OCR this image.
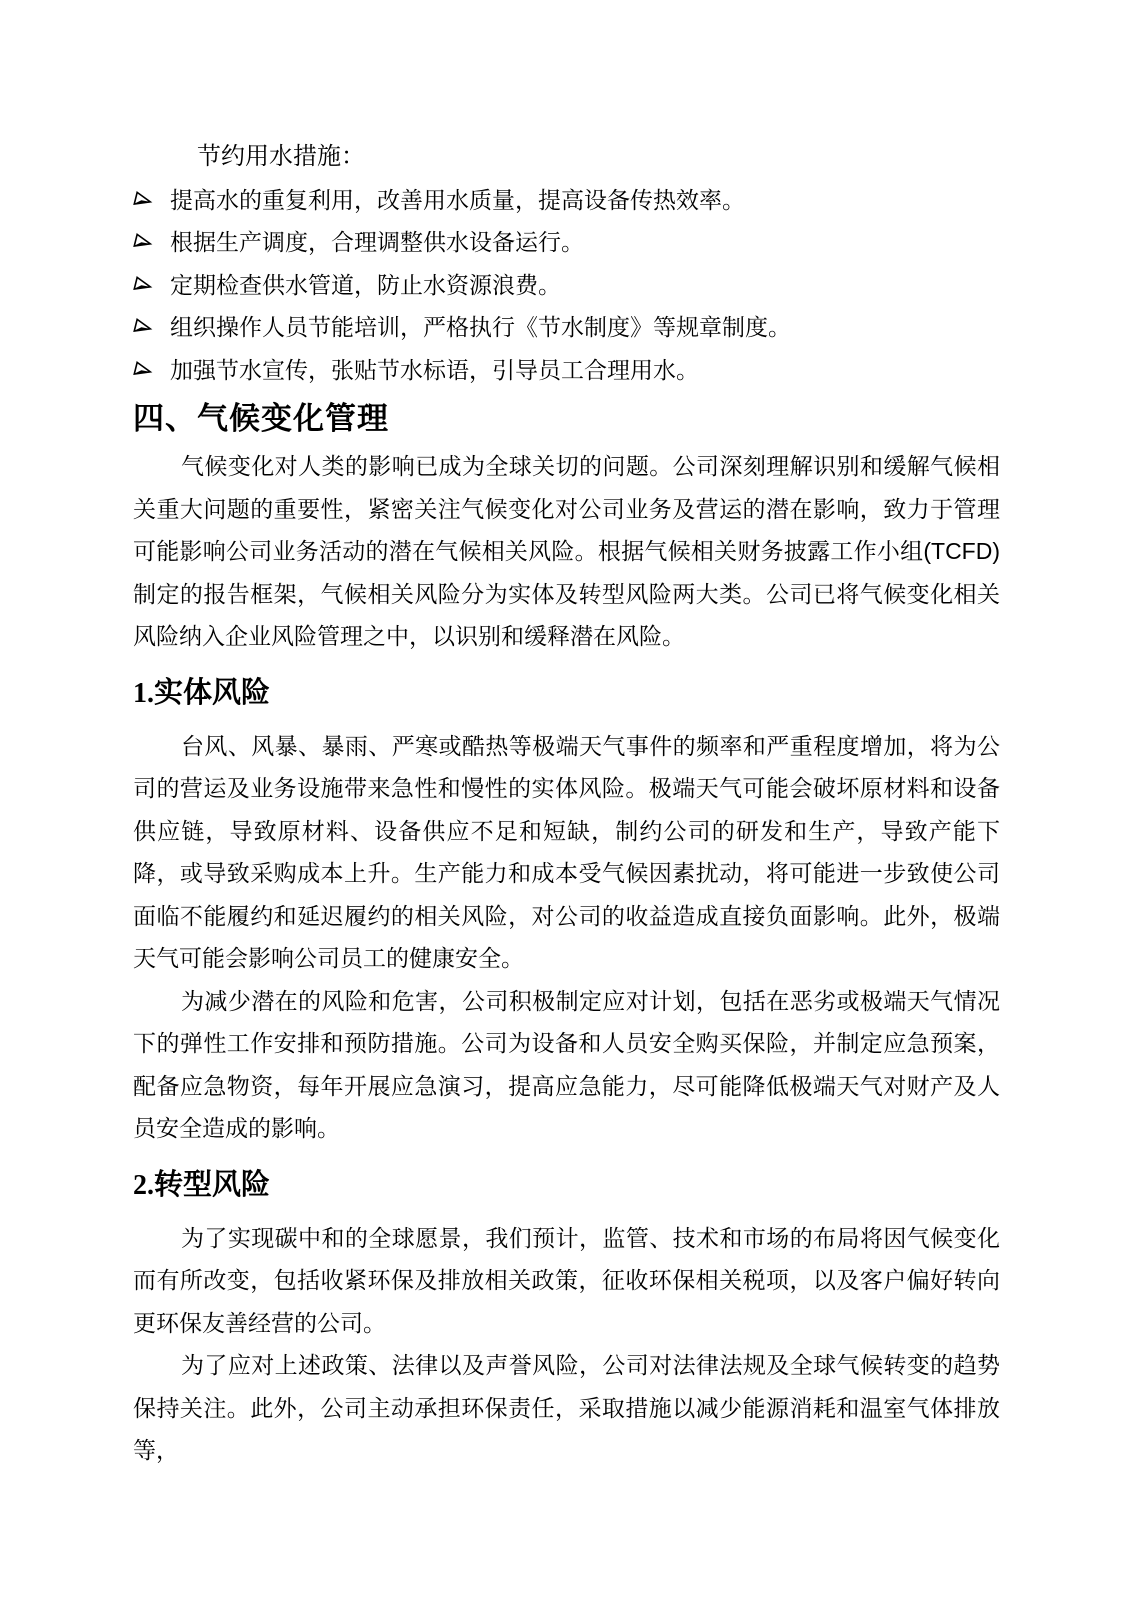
节约用水措施：

提高水的重复利用，改善用水质量，提高设备传热效率。
根据生产调度，合理调整供水设备运行。
定期检查供水管道，防止水资源浪费。
组织操作人员节能培训，严格执行《节水制度》等规章制度。
加强节水宣传，张贴节水标语，引导员工合理用水。
四、气候变化管理

气候变化对人类的影响已成为全球关切的问题。公司深刻理解识别和缓解气候相关重大问题的重要性，紧密关注气候变化对公司业务及营运的潜在影响，致力于管理可能影响公司业务活动的潜在气候相关风险。根据气候相关财务披露工作小组(TCFD)制定的报告框架，气候相关风险分为实体及转型风险两大类。公司已将气候变化相关风险纳入企业风险管理之中，以识别和缓释潜在风险。

1.实体风险

台风、风暴、暴雨、严寒或酷热等极端天气事件的频率和严重程度增加，将为公司的营运及业务设施带来急性和慢性的实体风险。极端天气可能会破坏原材料和设备供应链，导致原材料、设备供应不足和短缺，制约公司的研发和生产，导致产能下降，或导致采购成本上升。生产能力和成本受气候因素扰动，将可能进一步致使公司面临不能履约和延迟履约的相关风险，对公司的收益造成直接负面影响。此外，极端天气可能会影响公司员工的健康安全。

为减少潜在的风险和危害，公司积极制定应对计划，包括在恶劣或极端天气情况下的弹性工作安排和预防措施。公司为设备和人员安全购买保险，并制定应急预案，配备应急物资，每年开展应急演习，提高应急能力，尽可能降低极端天气对财产及人员安全造成的影响。

2.转型风险

为了实现碳中和的全球愿景，我们预计，监管、技术和市场的布局将因气候变化而有所改变，包括收紧环保及排放相关政策，征收环保相关税项，以及客户偏好转向更环保友善经营的公司。

为了应对上述政策、法律以及声誉风险，公司对法律法规及全球气候转变的趋势保持关注。此外，公司主动承担环保责任，采取措施以减少能源消耗和温室气体排放等，
